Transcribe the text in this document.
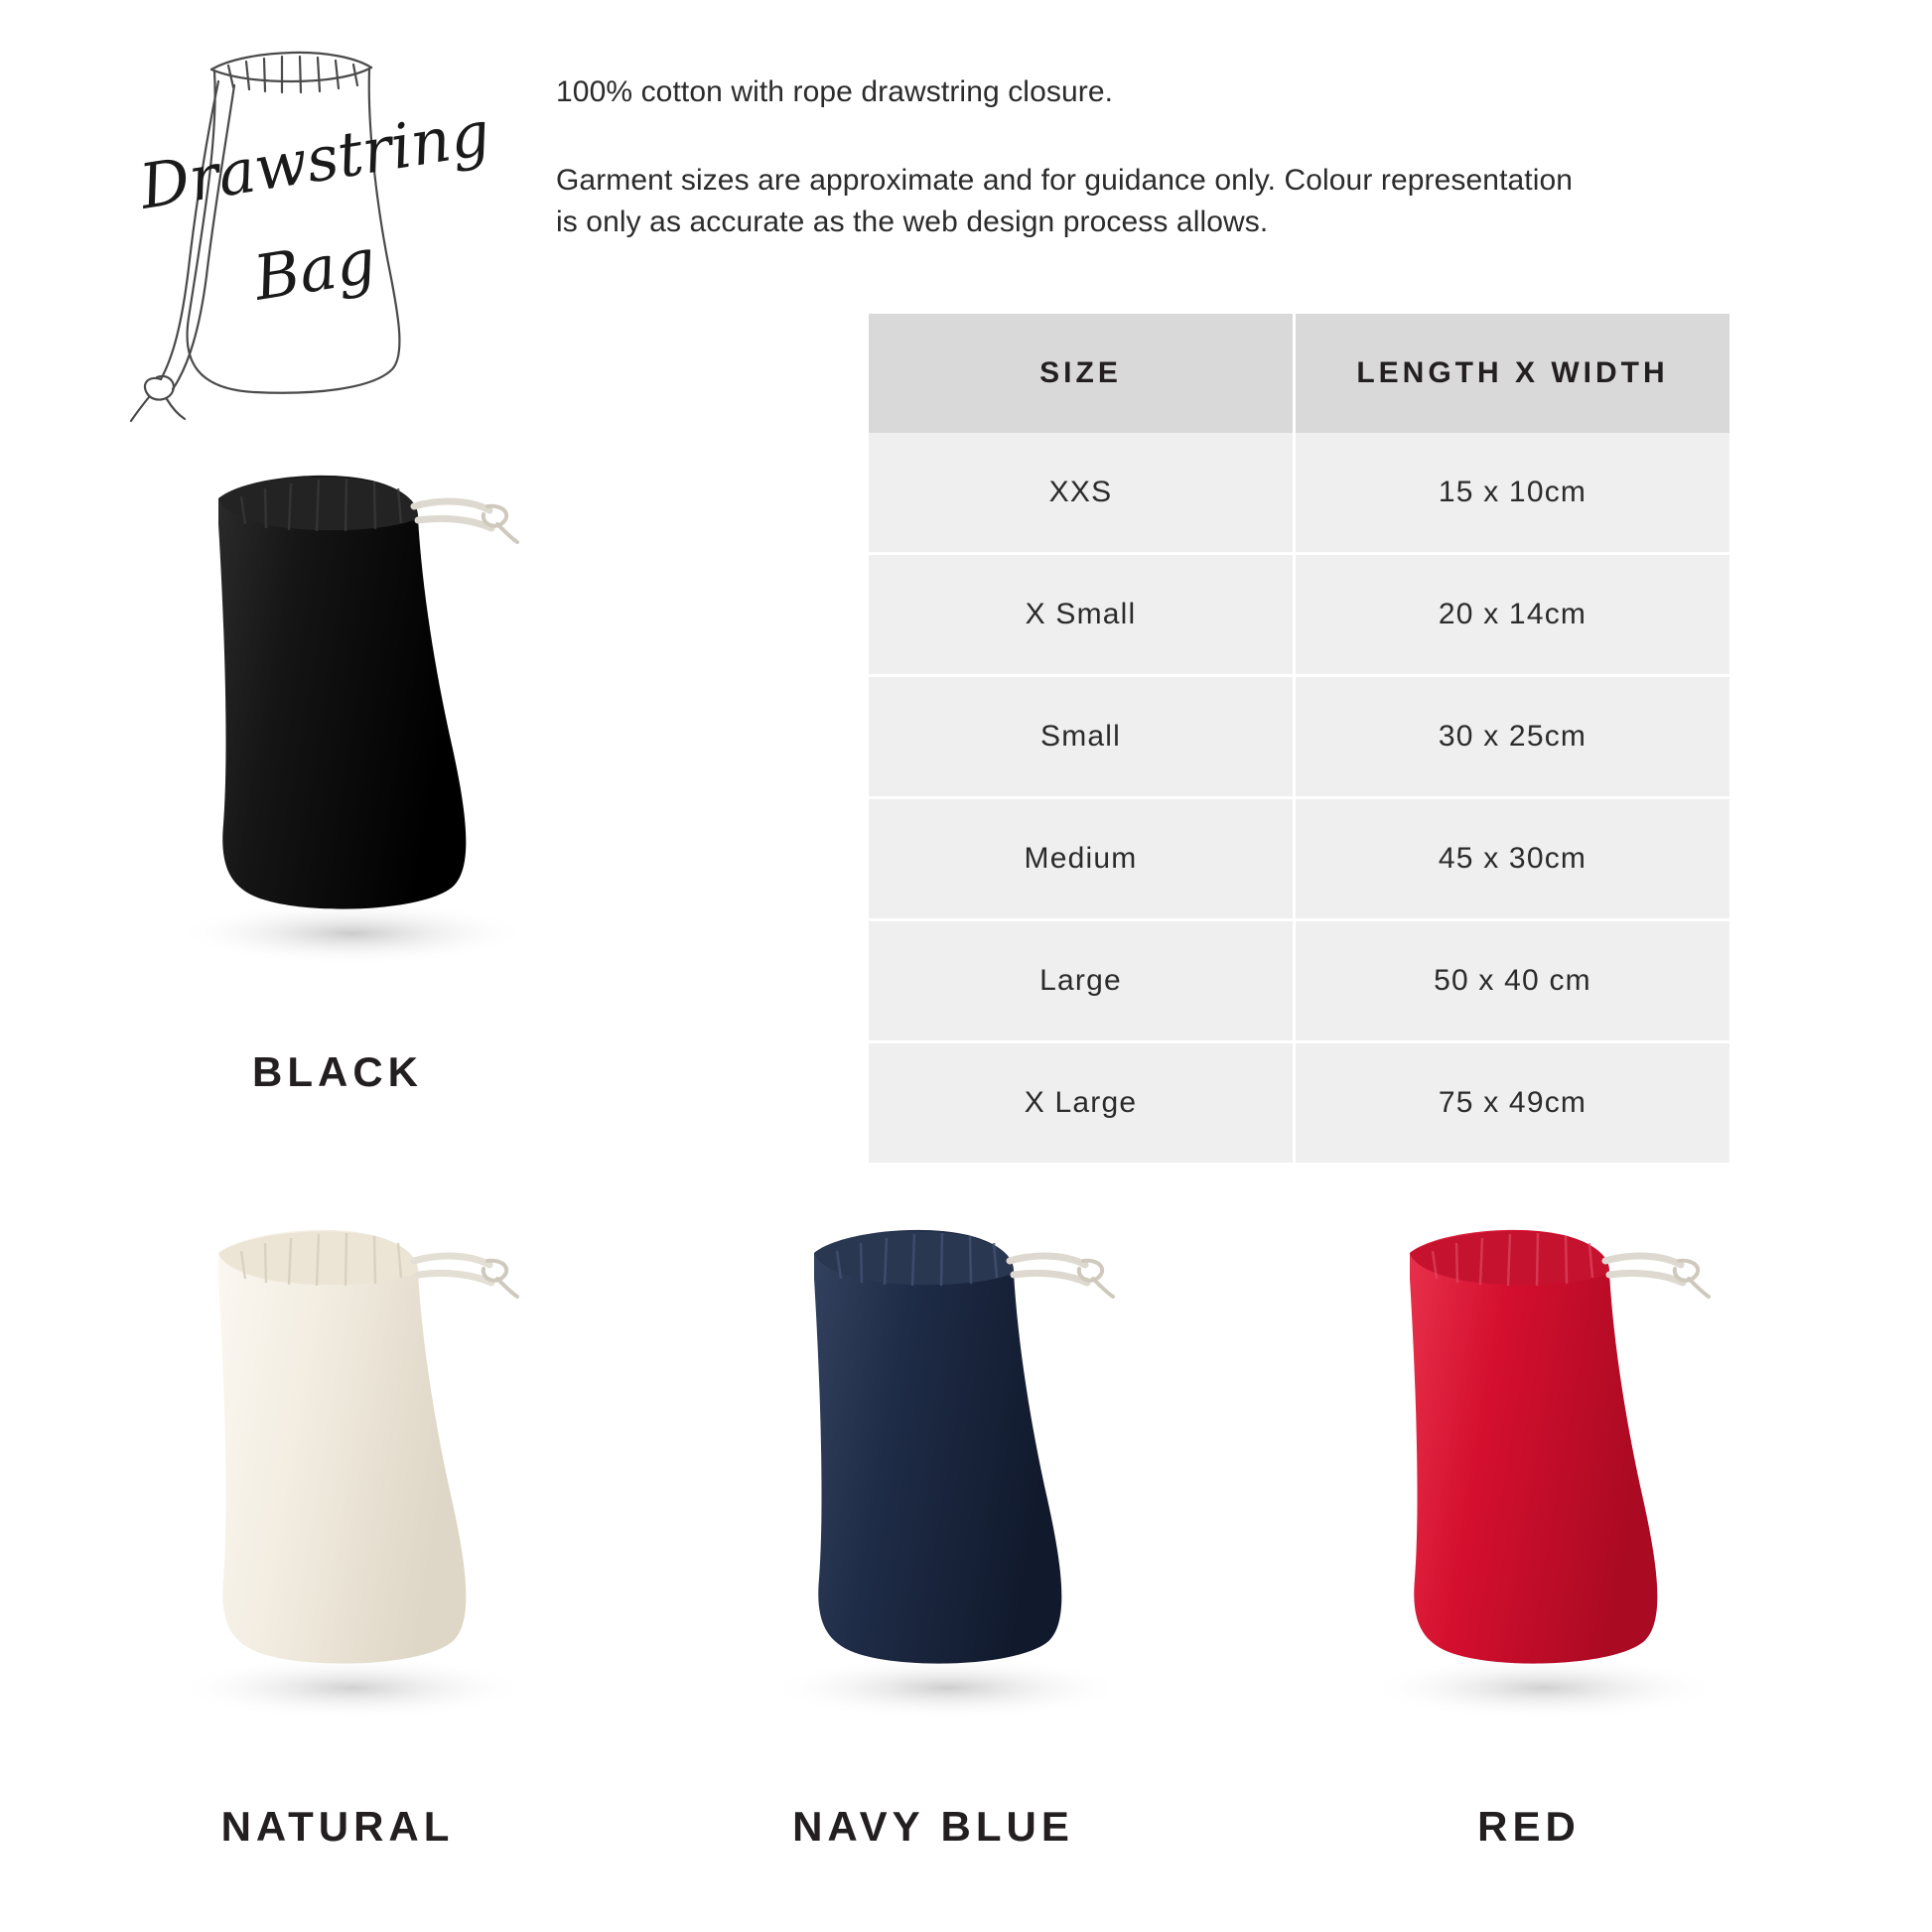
Drawstring
Bag

100% cotton with rope drawstring closure.

Garment sizes are approximate and for guidance only. Colour representation is only as accurate as the web design process allows.

SIZE	LENGTH X WIDTH
XXS	15 x 10cm
X Small	20 x 14cm
Small	30 x 25cm
Medium	45 x 30cm
Large	50 x 40 cm
X Large	75 x 49cm
BLACK
NATURAL	NAVY BLUE	RED
